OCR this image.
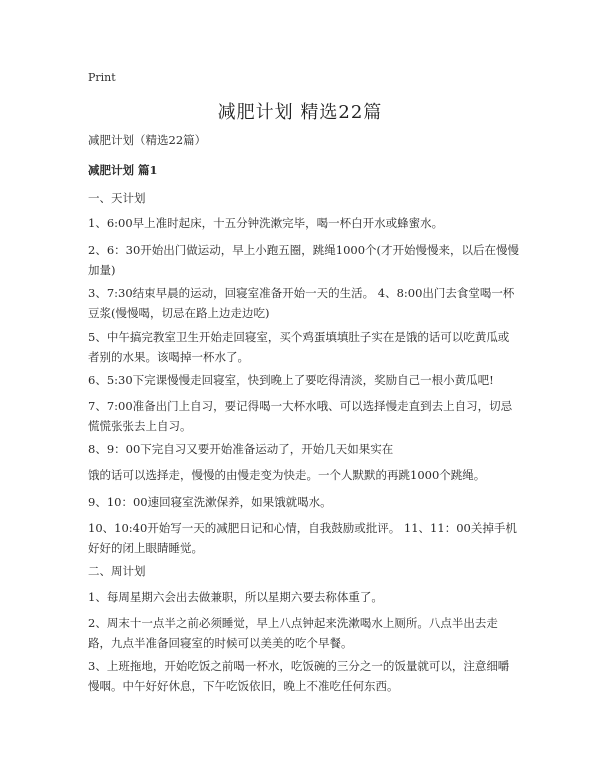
Print
减肥计划 精选22篇
减肥计划（精选22篇）
减肥计划 篇1
一、天计划
1、6:00早上准时起床，十五分钟洗漱完毕，喝一杯白开水或蜂蜜水。
2、6：30开始出门做运动，早上小跑五圈，跳绳1000个(才开始慢慢来，以后在慢慢加量)
3、7:30结束早晨的运动，回寝室准备开始一天的生活。 4、8:00出门去食堂喝一杯豆浆(慢慢喝，切忌在路上边走边吃)
5、中午搞完教室卫生开始走回寝室，买个鸡蛋填填肚子实在是饿的话可以吃黄瓜或者别的水果。该喝掉一杯水了。
6、5:30下完课慢慢走回寝室，快到晚上了要吃得清淡，奖励自己一根小黄瓜吧!
7、7:00准备出门上自习，要记得喝一大杯水哦、可以选择慢走直到去上自习，切忌慌慌张张去上自习。
8、9：00下完自习又要开始准备运动了，开始几天如果实在
饿的话可以选择走，慢慢的由慢走变为快走。一个人默默的再跳1000个跳绳。
9、10：00速回寝室洗漱保养，如果饿就喝水。
10、10:40开始写一天的减肥日记和心情，自我鼓励或批评。 11、11：00关掉手机好好的闭上眼睛睡觉。
二、周计划
1、每周星期六会出去做兼职，所以星期六要去称体重了。
2、周末十一点半之前必须睡觉，早上八点钟起来洗漱喝水上厕所。八点半出去走路，九点半准备回寝室的时候可以美美的吃个早餐。
3、上班拖地，开始吃饭之前喝一杯水，吃饭碗的三分之一的饭量就可以，注意细嚼慢咽。中午好好休息，下午吃饭依旧，晚上不准吃任何东西。
